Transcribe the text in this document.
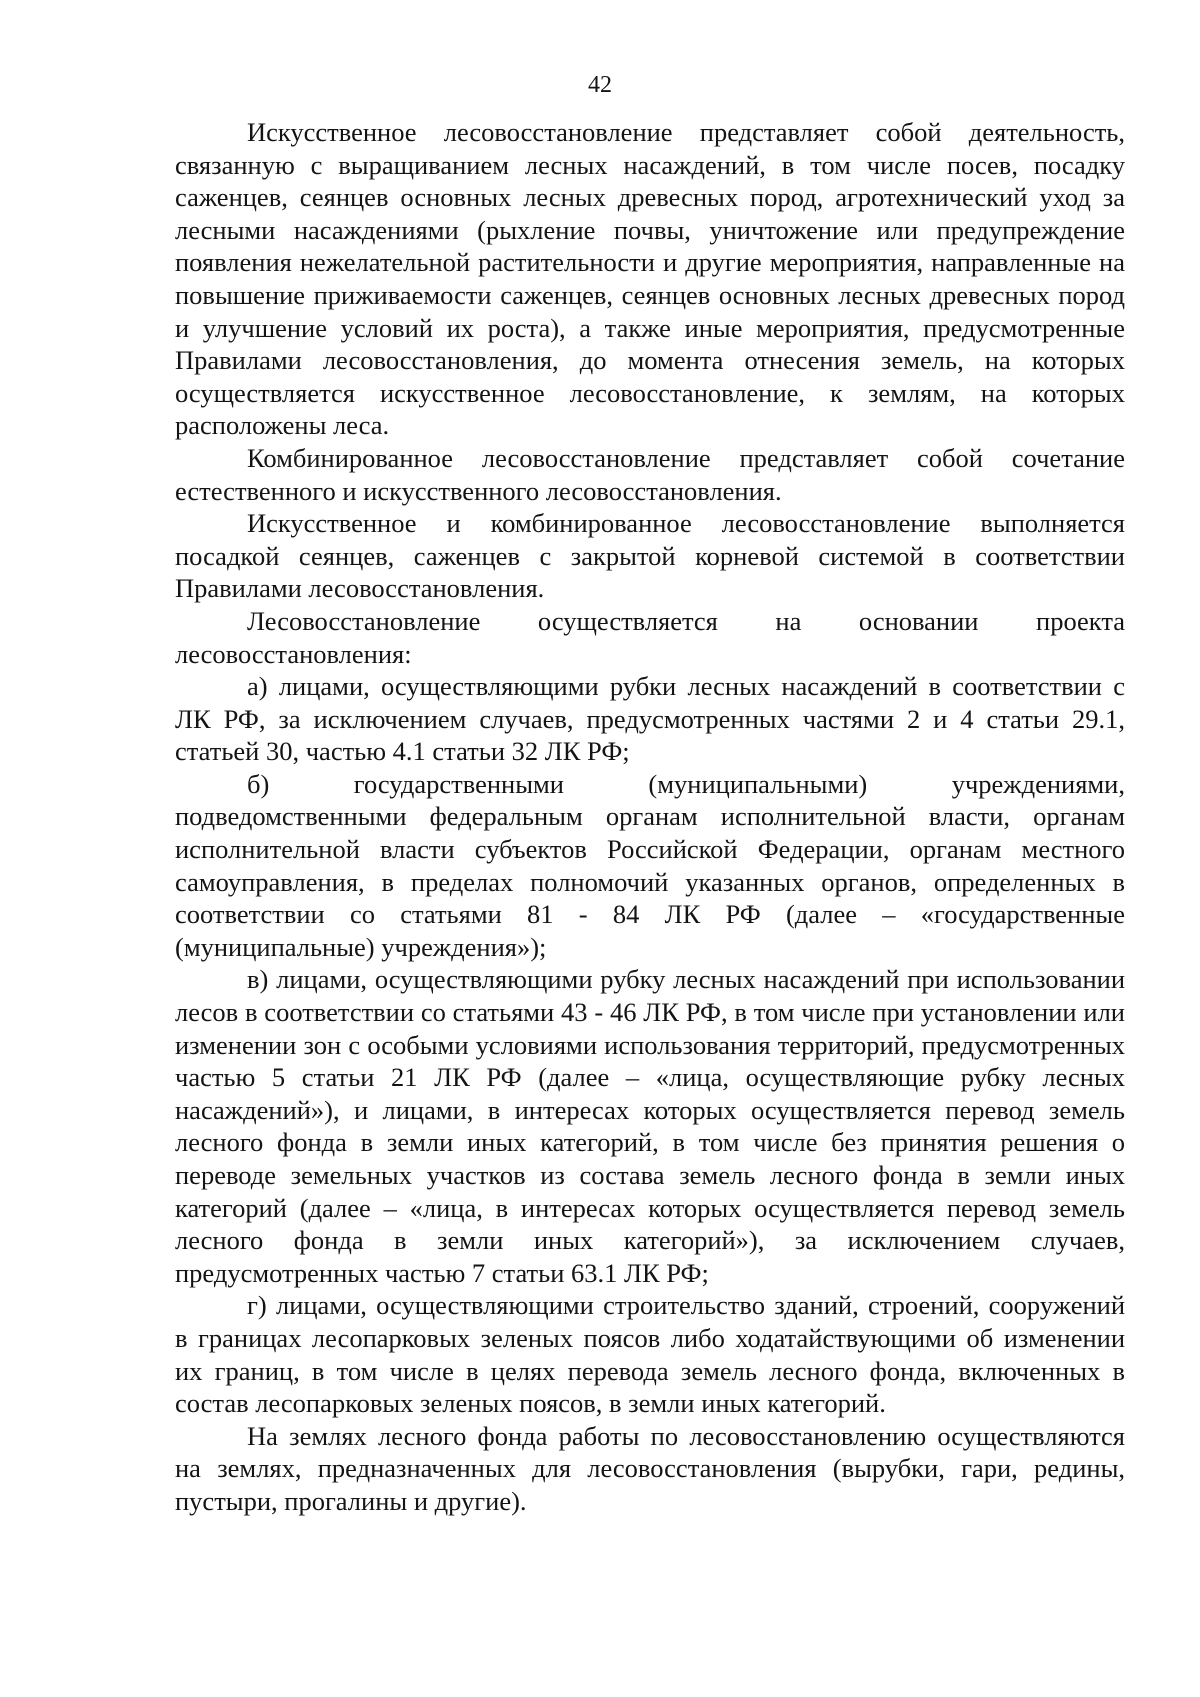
42

Искусственное лесовосстановление представляет собой деятельность, связанную с выращиванием лесных насаждений, в том числе посев, посадку саженцев, сеянцев основных лесных древесных пород, агротехнический уход за лесными насаждениями (рыхление почвы, уничтожение или предупреждение появления нежелательной растительности и другие мероприятия, направленные на повышение приживаемости саженцев, сеянцев основных лесных древесных пород и улучшение условий их роста), а также иные мероприятия, предусмотренные Правилами лесовосстановления, до момента отнесения земель, на которых осуществляется искусственное лесовосстановление, к землям, на которых расположены леса.

Комбинированное лесовосстановление представляет собой сочетание естественного и искусственного лесовосстановления.

Искусственное и комбинированное лесовосстановление выполняется посадкой сеянцев, саженцев с закрытой корневой системой в соответствии Правилами лесовосстановления.

Лесовосстановление осуществляется на основании проекта лесовосстановления:

а) лицами, осуществляющими рубки лесных насаждений в соответствии с ЛК РФ, за исключением случаев, предусмотренных частями 2 и 4 статьи 29.1, статьей 30, частью 4.1 статьи 32 ЛК РФ;

б) государственными (муниципальными) учреждениями, подведомственными федеральным органам исполнительной власти, органам исполнительной власти субъектов Российской Федерации, органам местного самоуправления, в пределах полномочий указанных органов, определенных в соответствии со статьями 81 - 84 ЛК РФ (далее – «государственные (муниципальные) учреждения»);

в) лицами, осуществляющими рубку лесных насаждений при использовании лесов в соответствии со статьями 43 - 46 ЛК РФ, в том числе при установлении или изменении зон с особыми условиями использования территорий, предусмотренных частью 5 статьи 21 ЛК РФ (далее – «лица, осуществляющие рубку лесных насаждений»), и лицами, в интересах которых осуществляется перевод земель лесного фонда в земли иных категорий, в том числе без принятия решения о переводе земельных участков из состава земель лесного фонда в земли иных категорий (далее – «лица, в интересах которых осуществляется перевод земель лесного фонда в земли иных категорий»), за исключением случаев, предусмотренных частью 7 статьи 63.1 ЛК РФ;

г) лицами, осуществляющими строительство зданий, строений, сооружений в границах лесопарковых зеленых поясов либо ходатайствующими об изменении их границ, в том числе в целях перевода земель лесного фонда, включенных в состав лесопарковых зеленых поясов, в земли иных категорий.

На землях лесного фонда работы по лесовосстановлению осуществляются на землях, предназначенных для лесовосстановления (вырубки, гари, редины, пустыри, прогалины и другие).
